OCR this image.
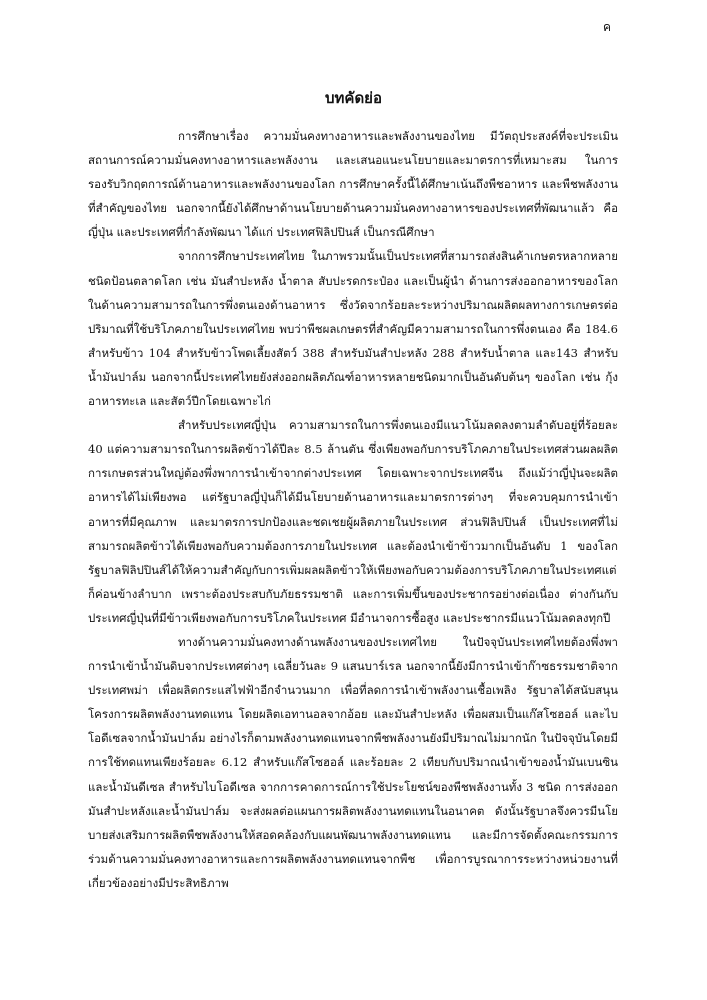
ค
บทคัดย่อ

การศึกษาเรื่อง ความมั่นคงทางอาหารและพลังงานของไทย มีวัตถุประสงค์ที่จะประเมินสถานการณ์ความมั่นคงทางอาหารและพลังงาน และเสนอแนะนโยบายและมาตรการที่เหมาะสม ในการรองรับวิกฤตการณ์ด้านอาหารและพลังงานของโลก การศึกษาครั้งนี้ได้ศึกษาเน้นถึงพืชอาหาร และพืชพลังงานที่สำคัญของไทย นอกจากนี้ยังได้ศึกษาด้านนโยบายด้านความมั่นคงทางอาหารของประเทศที่พัฒนาแล้ว คือ ญี่ปุ่น และประเทศที่กำลังพัฒนา ได้แก่ ประเทศฟิลิปปินส์ เป็นกรณีศึกษา

จากการศึกษาประเทศไทย ในภาพรวมนั้นเป็นประเทศที่สามารถส่งสินค้าเกษตรหลากหลายชนิดป้อนตลาดโลก เช่น มันสำปะหลัง น้ำตาล สับปะรดกระป๋อง และเป็นผู้นำ ด้านการส่งออกอาหารของโลก ในด้านความสามารถในการพึ่งตนเองด้านอาหาร ซึ่งวัดจากร้อยละระหว่างปริมาณผลิตผลทางการเกษตรต่อปริมาณที่ใช้บริโภคภายในประเทศไทย พบว่าพืชผลเกษตรที่สำคัญมีความสามารถในการพึ่งตนเอง คือ 184.6 สำหรับข้าว 104 สำหรับข้าวโพดเลี้ยงสัตว์ 388 สำหรับมันสำปะหลัง 288 สำหรับน้ำตาล และ143 สำหรับน้ำมันปาล์ม นอกจากนี้ประเทศไทยยังส่งออกผลิตภัณฑ์อาหารหลายชนิดมากเป็นอันดับต้นๆ ของโลก เช่น กุ้ง อาหารทะเล และสัตว์ปีกโดยเฉพาะไก่

สำหรับประเทศญี่ปุ่น ความสามารถในการพึ่งตนเองมีแนวโน้มลดลงตามลำดับอยู่ที่ร้อยละ 40 แต่ความสามารถในการผลิตข้าวได้ปีละ 8.5 ล้านตัน ซึ่งเพียงพอกับการบริโภคภายในประเทศส่วนผลผลิตการเกษตรส่วนใหญ่ต้องพึ่งพาการนำเข้าจากต่างประเทศ โดยเฉพาะจากประเทศจีน ถึงแม้ว่าญี่ปุ่นจะผลิตอาหารได้ไม่เพียงพอ แต่รัฐบาลญี่ปุ่นก็ได้มีนโยบายด้านอาหารและมาตรการต่างๆ ที่จะควบคุมการนำเข้าอาหารที่มีคุณภาพ และมาตรการปกป้องและชดเชยผู้ผลิตภายในประเทศ ส่วนฟิลิปปินส์ เป็นประเทศที่ไม่สามารถผลิตข้าวได้เพียงพอกับความต้องการภายในประเทศ และต้องนำเข้าข้าวมากเป็นอันดับ 1 ของโลก รัฐบาลฟิลิปปินส์ได้ให้ความสำคัญกับการเพิ่มผลผลิตข้าวให้เพียงพอกับความต้องการบริโภคภายในประเทศแต่ก็ค่อนข้างลำบาก เพราะต้องประสบกับภัยธรรมชาติ และการเพิ่มขึ้นของประชากรอย่างต่อเนื่อง ต่างกันกับประเทศญี่ปุ่นที่มีข้าวเพียงพอกับการบริโภคในประเทศ มีอำนาจการซื้อสูง และประชากรมีแนวโน้มลดลงทุกปี

ทางด้านความมั่นคงทางด้านพลังงานของประเทศไทย ในปัจจุบันประเทศไทยต้องพึ่งพาการนำเข้าน้ำมันดิบจากประเทศต่างๆ เฉลี่ยวันละ 9 แสนบาร์เรล นอกจากนี้ยังมีการนำเข้าก๊าซธรรมชาติจากประเทศพม่า เพื่อผลิตกระแสไฟฟ้าอีกจำนวนมาก เพื่อที่ลดการนำเข้าพลังงานเชื้อเพลิง รัฐบาลได้สนับสนุนโครงการผลิตพลังงานทดแทน โดยผลิตเอทานอลจากอ้อย และมันสำปะหลัง เพื่อผสมเป็นแก๊สโซฮอล์ และไบโอดีเซลจากน้ำมันปาล์ม อย่างไรก็ตามพลังงานทดแทนจากพืชพลังงานยังมีปริมาณไม่มากนัก ในปัจจุบันโดยมีการใช้ทดแทนเพียงร้อยละ 6.12 สำหรับแก๊สโซฮอล์ และร้อยละ 2 เทียบกับปริมาณนำเข้าของน้ำมันเบนซินและน้ำมันดีเซล สำหรับไบโอดีเซล จากการคาดการณ์การใช้ประโยชน์ของพืชพลังงานทั้ง 3 ชนิด การส่งออกมันสำปะหลังและน้ำมันปาล์ม จะส่งผลต่อแผนการผลิตพลังงานทดแทนในอนาคต ดังนั้นรัฐบาลจึงควรมีนโยบายส่งเสริมการผลิตพืชพลังงานให้สอดคล้องกับแผนพัฒนาพลังงานทดแทน และมีการจัดตั้งคณะกรรมการร่วมด้านความมั่นคงทางอาหารและการผลิตพลังงานทดแทนจากพืช เพื่อการบูรณาการระหว่างหน่วยงานที่เกี่ยวข้องอย่างมีประสิทธิภาพ
